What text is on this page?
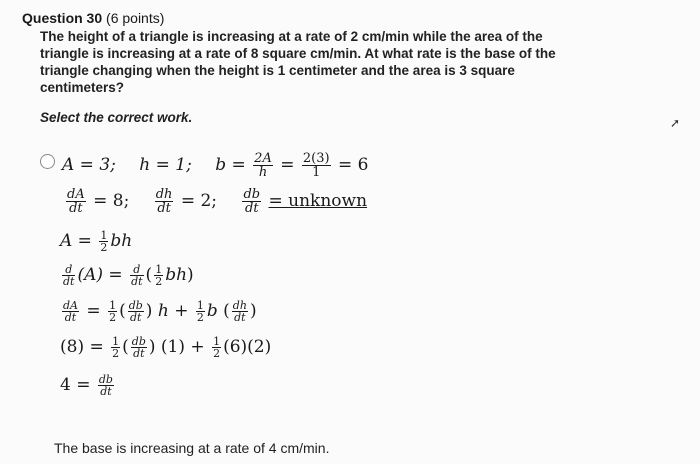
Question 30 (6 points)
The height of a triangle is increasing at a rate of 2 cm/min while the area of the triangle is increasing at a rate of 8 square cm/min. At what rate is the base of the triangle changing when the height is 1 centimeter and the area is 3 square centimeters?
Select the correct work.	➚
A = 3; h = 1; $b = \frac{2A}{h} = \frac{2(3)}{1} = 6$
$\frac{dA}{dt} = 8$; $\frac{dh}{dt} = 2$; $\frac{db}{dt}$ = unknown
$A = \frac{1}{2}$ bh
$\frac{d}{dt} (A) = \frac{d}{dt}$ ( $\frac{1}{2} bh$)
$\frac{dA}{dt} = \frac{1}{2}$ ( $\frac{db}{dt}$ ) $h + \frac{1}{2}$ b ( $\frac{dh}{dt}$ )
$(8) = \frac{1}{2}$ ( $\frac{db}{dt}$ ) $(1) + \frac{1}{2} (6)(2)$
$4 = \frac{db}{dt}$
The base is increasing at a rate of 4 cm/min.
